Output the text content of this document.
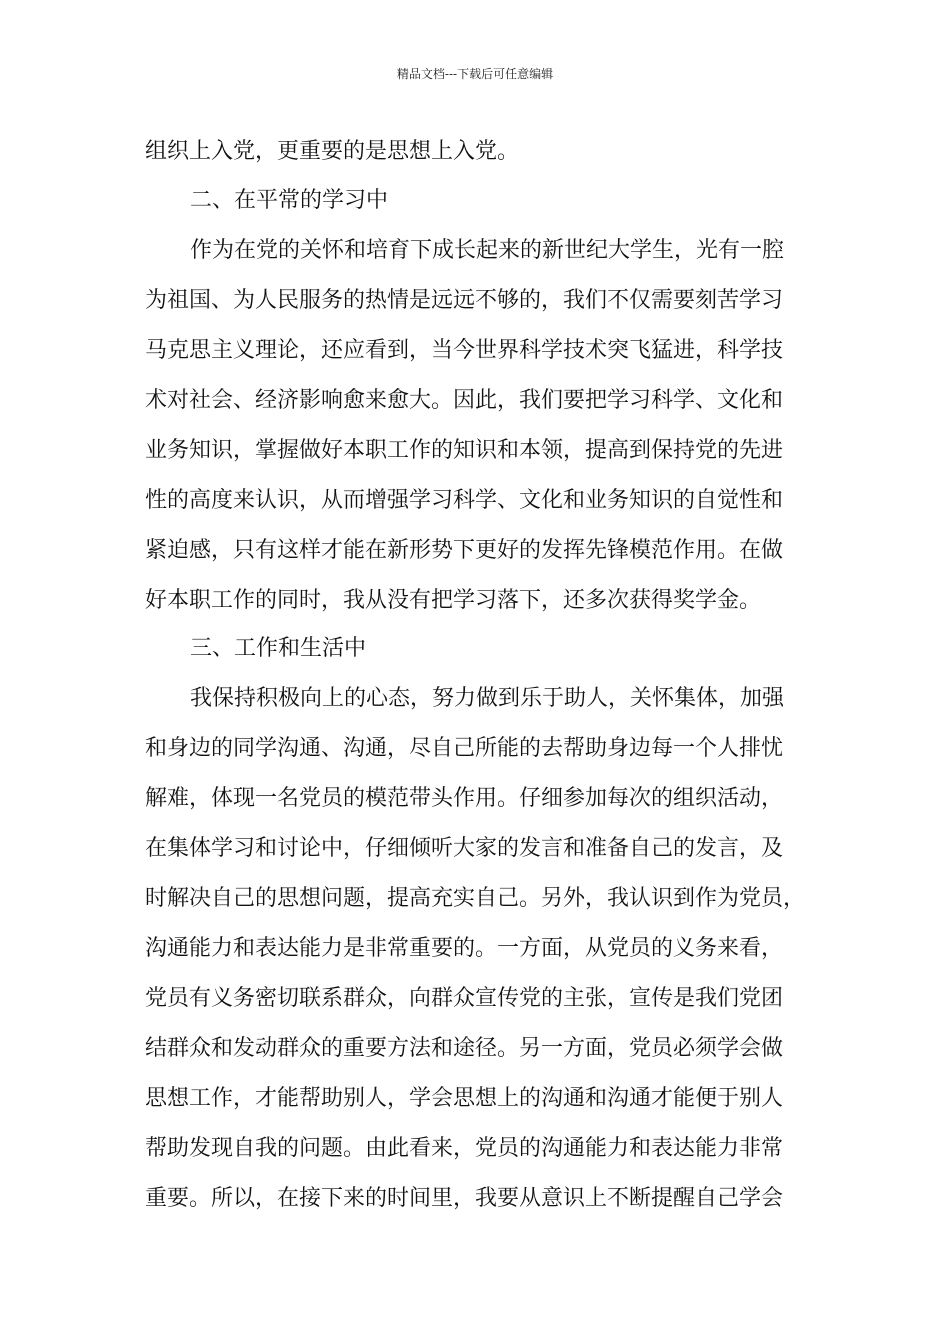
精品文档---下载后可任意编辑
组织上入党，更重要的是思想上入党。
二、在平常的学习中
作为在党的关怀和培育下成长起来的新世纪大学生，光有一腔
为祖国、为人民服务的热情是远远不够的，我们不仅需要刻苦学习
马克思主义理论，还应看到，当今世界科学技术突飞猛进，科学技
术对社会、经济影响愈来愈大。因此，我们要把学习科学、文化和
业务知识，掌握做好本职工作的知识和本领，提高到保持党的先进
性的高度来认识，从而增强学习科学、文化和业务知识的自觉性和
紧迫感，只有这样才能在新形势下更好的发挥先锋模范作用。在做
好本职工作的同时，我从没有把学习落下，还多次获得奖学金。
三、工作和生活中
我保持积极向上的心态，努力做到乐于助人，关怀集体，加强
和身边的同学沟通、沟通，尽自己所能的去帮助身边每一个人排忧
解难，体现一名党员的模范带头作用。仔细参加每次的组织活动，
在集体学习和讨论中，仔细倾听大家的发言和准备自己的发言，及
时解决自己的思想问题，提高充实自己。另外，我认识到作为党员，
沟通能力和表达能力是非常重要的。一方面，从党员的义务来看，
党员有义务密切联系群众，向群众宣传党的主张，宣传是我们党团
结群众和发动群众的重要方法和途径。另一方面，党员必须学会做
思想工作，才能帮助别人，学会思想上的沟通和沟通才能便于别人
帮助发现自我的问题。由此看来，党员的沟通能力和表达能力非常
重要。所以，在接下来的时间里，我要从意识上不断提醒自己学会
